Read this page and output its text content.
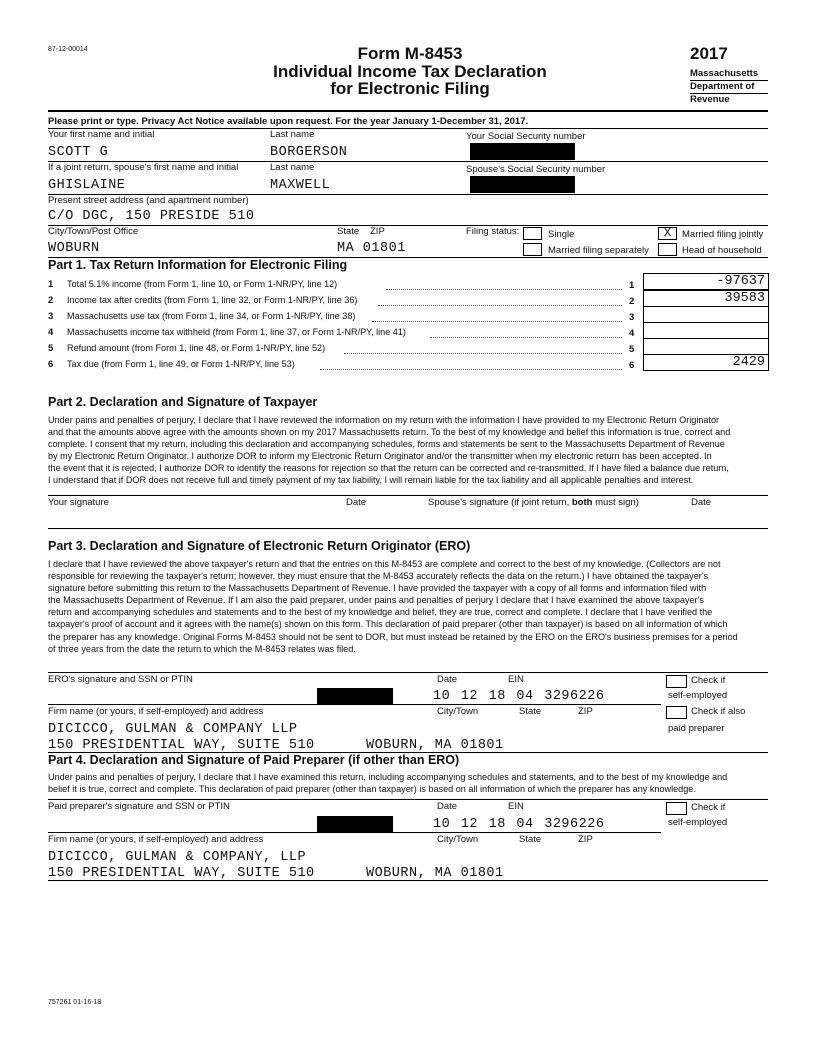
87-12-00014	Form M-8453
Individual Income Tax Declaration
for Electronic Filing
2017
Massachusetts
Department of
Revenue
Please print or type. Privacy Act Notice available upon request. For the year January 1-December 31, 2017.
Your first name and initial	Last name	Your Social Security number
SCOTT G	BORGERSON
If a joint return, spouse's first name and initial	Last name	Spouse's Social Security number
GHISLAINE	MAXWELL
Present street address (and apartment number)
C/O DGC, 150 PRESIDE 510
City/Town/Post Office	State ZIP
WOBURN	MA 01801
Filing status:	Single	X	Married filing jointly
Married filing separately	Head of household
Part 1. Tax Return Information for Electronic Filing
1 Total 5.1% income (from Form 1, line 10, or Form 1-NR/PY, line 12)	1	-97637
2 Income tax after credits (from Form 1, line 32, or Form 1-NR/PY, line 36)	2	39583
3 Massachusetts use tax (from Form 1, line 34, or Form 1-NR/PY, line 38)	3
4 Massachusetts income tax withheld (from Form 1, line 37, or Form 1-NR/PY, line 41)	4
5 Refund amount (from Form 1, line 48, or Form 1-NR/PY, line 52)	5
6 Tax due (from Form 1, line 49, or Form 1-NR/PY, line 53)	6	2429
Part 2. Declaration and Signature of Taxpayer
Under pains and penalties of perjury, I declare that I have reviewed the information on my return with the information I have provided to my Electronic Return Originator
and that the amounts above agree with the amounts shown on my 2017 Massachusetts return. To the best of my knowledge and belief this information is true, correct and
complete. I consent that my return, including this declaration and accompanying schedules, forms and statements be sent to the Massachusetts Department of Revenue
by my Electronic Return Originator. I authorize DOR to inform my Electronic Return Originator and/or the transmitter when my electronic return has been accepted. In
the event that it is rejected, I authorize DOR to identify the reasons for rejection so that the return can be corrected and re-transmitted. If I have filed a balance due return,
I understand that if DOR does not receive full and timely payment of my tax liability, I will remain liable for the tax liability and all applicable penalties and interest.
Your signature	Date	Spouse's signature (if joint return, both must sign)	Date
Part 3. Declaration and Signature of Electronic Return Originator (ERO)
I declare that I have reviewed the above taxpayer's return and that the entries on this M-8453 are complete and correct to the best of my knowledge. (Collectors are not
responsible for reviewing the taxpayer's return; however, they must ensure that the M-8453 accurately reflects the data on the return.) I have obtained the taxpayer's
signature before submitting this return to the Massachusetts Department of Revenue. I have provided the taxpayer with a copy of all forms and information filed with
the Massachusetts Department of Revenue. If I am also the paid preparer, under pains and penalties of perjury I declare that I have examined the above taxpayer's
return and accompanying schedules and statements and to the best of my knowledge and belief, they are true, correct and complete. I declare that I have verified the
taxpayer's proof of account and it agrees with the name(s) shown on this form. This declaration of paid preparer (other than taxpayer) is based on all information of which
the preparer has any knowledge. Original Forms M-8453 should not be sent to DOR, but must instead be retained by the ERO on the ERO's business premises for a period
of three years from the date the return to which the M-8453 relates was filed.
ERO's signature and SSN or PTIN	Date	EIN	Check if
self-employed
10 12 18 04 3296226
Firm name (or yours, if self-employed) and address	City/Town	State	ZIP	Check if also
paid preparer
DICICCO, GULMAN & COMPANY LLP
150 PRESIDENTIAL WAY, SUITE 510	WOBURN, MA 01801
Part 4. Declaration and Signature of Paid Preparer (if other than ERO)
Under pains and penalties of perjury, I declare that I have examined this return, including accompanying schedules and statements, and to the best of my knowledge and
belief it is true, correct and complete. This declaration of paid preparer (other than taxpayer) is based on all information of which the preparer has any knowledge.
Paid preparer's signature and SSN or PTIN	Date	EIN	Check if
self-employed
10 12 18 04 3296226
Firm name (or yours, if self-employed) and address	City/Town	State	ZIP
DICICCO, GULMAN & COMPANY, LLP
150 PRESIDENTIAL WAY, SUITE 510	WOBURN, MA 01801
757261 01-16-18
